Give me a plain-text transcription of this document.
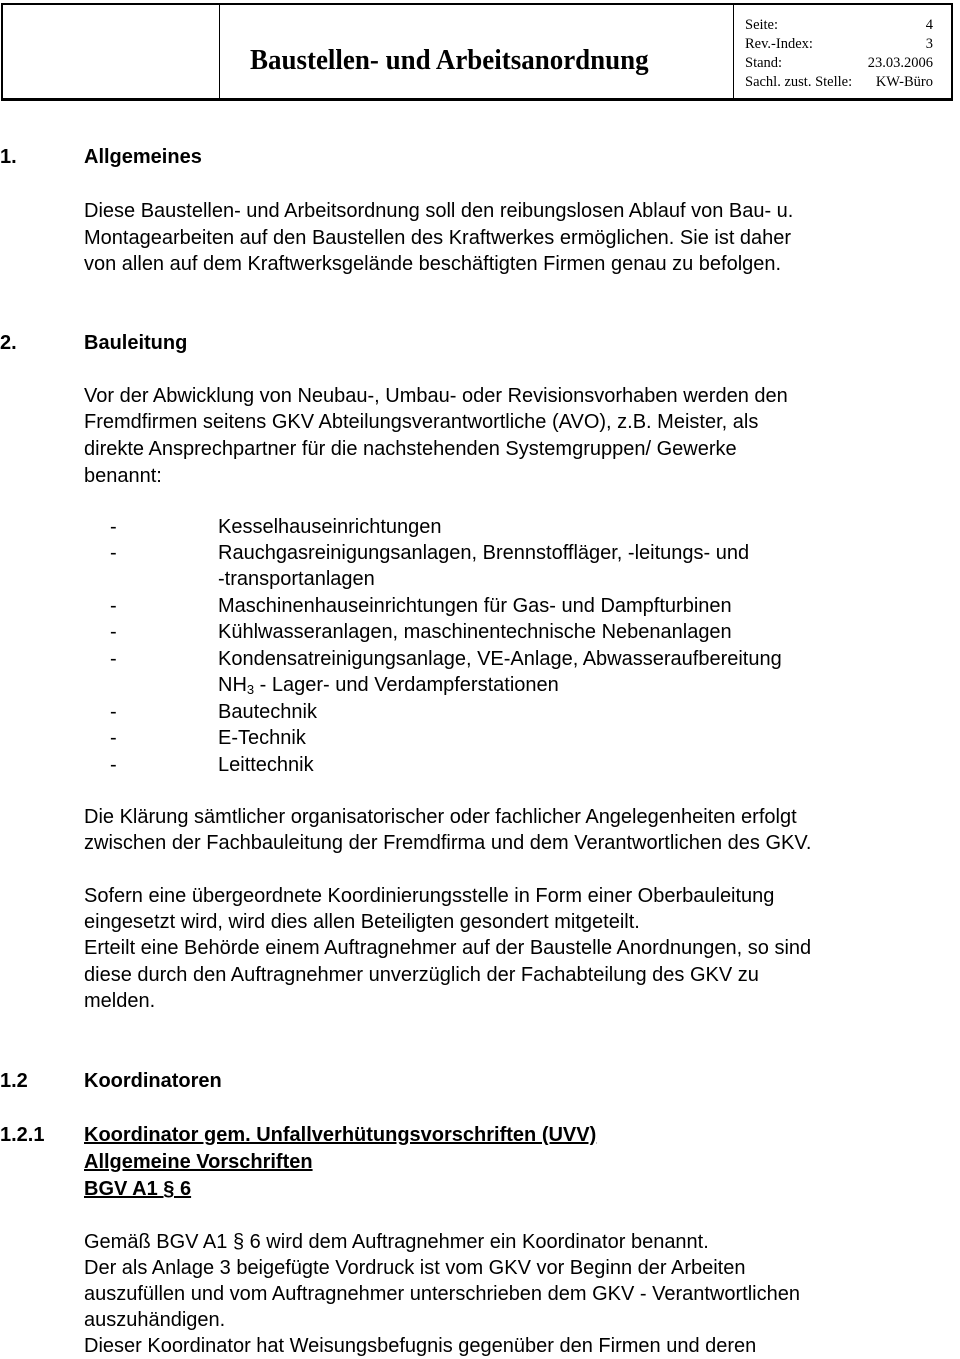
Baustellen- und Arbeitsanordnung
Seite:	4
Rev.-Index:	3
Stand:	23.03.2006
Sachl. zust. Stelle: KW-Büro
1.	Allgemeines
Diese Baustellen- und Arbeitsordnung soll den reibungslosen Ablauf von Bau- u.
Montagearbeiten auf den Baustellen des Kraftwerkes ermöglichen. Sie ist daher
von allen auf dem Kraftwerksgelände beschäftigten Firmen genau zu befolgen.
2.	Bauleitung
Vor der Abwicklung von Neubau-, Umbau- oder Revisionsvorhaben werden den
Fremdfirmen seitens GKV Abteilungsverantwortliche (AVO), z.B. Meister, als
direkte Ansprechpartner für die nachstehenden Systemgruppen/ Gewerke
benannt:
-	Kesselhauseinrichtungen
-	Rauchgasreinigungsanlagen, Brennstoffläger, -leitungs- und
-transportanlagen
-	Maschinenhauseinrichtungen für Gas- und Dampfturbinen
-	Kühlwasseranlagen, maschinentechnische Nebenanlagen
-	Kondensatreinigungsanlage, VE-Anlage, Abwasseraufbereitung
$NH_3$ - Lager- und Verdampferstationen
-	Bautechnik
-	E-Technik
-	Leittechnik
Die Klärung sämtlicher organisatorischer oder fachlicher Angelegenheiten erfolgt
zwischen der Fachbauleitung der Fremdfirma und dem Verantwortlichen des GKV.
Sofern eine übergeordnete Koordinierungsstelle in Form einer Oberbauleitung
eingesetzt wird, wird dies allen Beteiligten gesondert mitgeteilt.
Erteilt eine Behörde einem Auftragnehmer auf der Baustelle Anordnungen, so sind
diese durch den Auftragnehmer unverzüglich der Fachabteilung des GKV zu
melden.
1.2	Koordinatoren
1.2.1 Koordinator gem. Unfallverhütungsvorschriften (UVV)
Allgemeine Vorschriften
BGV A1 § 6
Gemäß BGV A1 § 6 wird dem Auftragnehmer ein Koordinator benannt.
Der als Anlage 3 beigefügte Vordruck ist vom GKV vor Beginn der Arbeiten
auszufüllen und vom Auftragnehmer unterschrieben dem GKV - Verantwortlichen
auszuhändigen.
Dieser Koordinator hat Weisungsbefugnis gegenüber den Firmen und deren
